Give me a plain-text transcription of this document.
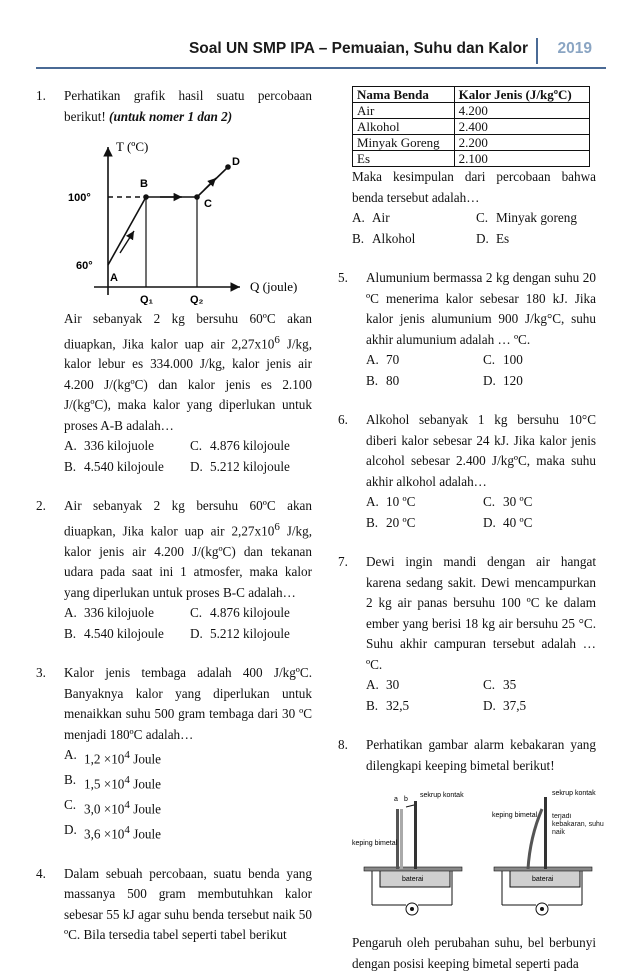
Soal UN SMP IPA – Pemuaian, Suhu dan Kalor 2019
1. Perhatikan grafik hasil suatu percobaan berikut! (untuk nomer 1 dan 2)
T (ºC)
Q (joule)
100°
60°
Q₁	Q₂
A
B
C
D
Air sebanyak 2 kg bersuhu 60ºC akan diuapkan, Jika kalor uap air $2,27x10^6$ J/kg, kalor lebur es 334.000 J/kg, kalor jenis air 4.200 J/(kgºC) dan kalor jenis es 2.100 J/(kgºC), maka kalor yang diperlukan untuk proses A-B adalah…
A. 336 kilojuole	C. 4.876 kilojoule
B. 4.540 kilojoule D. 5.212 kilojoule
2. Air sebanyak 2 kg bersuhu 60ºC akan diuapkan, Jika kalor uap air $2,27x10^6$ J/kg, kalor jenis air 4.200 J/(kgºC) dan tekanan udara pada saat ini 1 atmosfer, maka kalor yang diperlukan untuk proses B-C adalah…
A. 336 kilojuole	C. 4.876 kilojoule
B. 4.540 kilojoule D. 5.212 kilojoule
3. Kalor jenis tembaga adalah 400 J/kgºC. Banyaknya kalor yang diperlukan untuk menaikkan suhu 500 gram tembaga dari 30 ºC menjadi 180ºC adalah…
A. $1,2 \times 10^4$ Joule
B. $1,5 \times 10^4$ Joule
C. $3,0 \times 10^4$ Joule
D. $3,6 \times 10^4$ Joule
4. Dalam sebuah percobaan, suatu benda yang massanya 500 gram membutuhkan kalor sebesar 55 kJ agar suhu benda tersebut naik 50 ºC. Bila tersedia tabel seperti tabel berikut
Nama Benda	Kalor Jenis (J/kgºC)
Air	4.200
Alkohol	2.400
Minyak Goreng	2.200
Es	2.100
Maka kesimpulan dari percobaan bahwa benda tersebut adalah…
A. Air	C. Minyak goreng
B. Alkohol	D. Es
5. Alumunium bermassa 2 kg dengan suhu 20 ºC menerima kalor sebesar 180 kJ. Jika kalor jenis alumunium 900 J/kg°C, suhu akhir alumunium adalah … ºC.
A. 70	C. 100
B. 80	D. 120
6. Alkohol sebanyak 1 kg bersuhu 10°C diberi kalor sebesar 24 kJ. Jika kalor jenis alcohol sebesar 2.400 J/kgºC, maka suhu akhir alkohol adalah…
A. 10 ºC	C. 30 ºC
B. 20 ºC	D. 40 ºC
7. Dewi ingin mandi dengan air hangat karena sedang sakit. Dewi mencampurkan 2 kg air panas bersuhu 100 ºC ke dalam ember yang berisi 18 kg air bersuhu 25 °C. Suhu akhir campuran tersebut adalah … ºC.
A. 30	C. 35
B. 32,5	D. 37,5
8. Perhatikan gambar alarm kebakaran yang dilengkapi keeping bimetal berikut!
a b
sekrup kontak
keping bimetal
baterai
keping bimetal
sekrup kontak
terjadi kebakaran, suhu naik
baterai
Pengaruh oleh perubahan suhu, bel berbunyi dengan posisi keeping bimetal seperti pada
